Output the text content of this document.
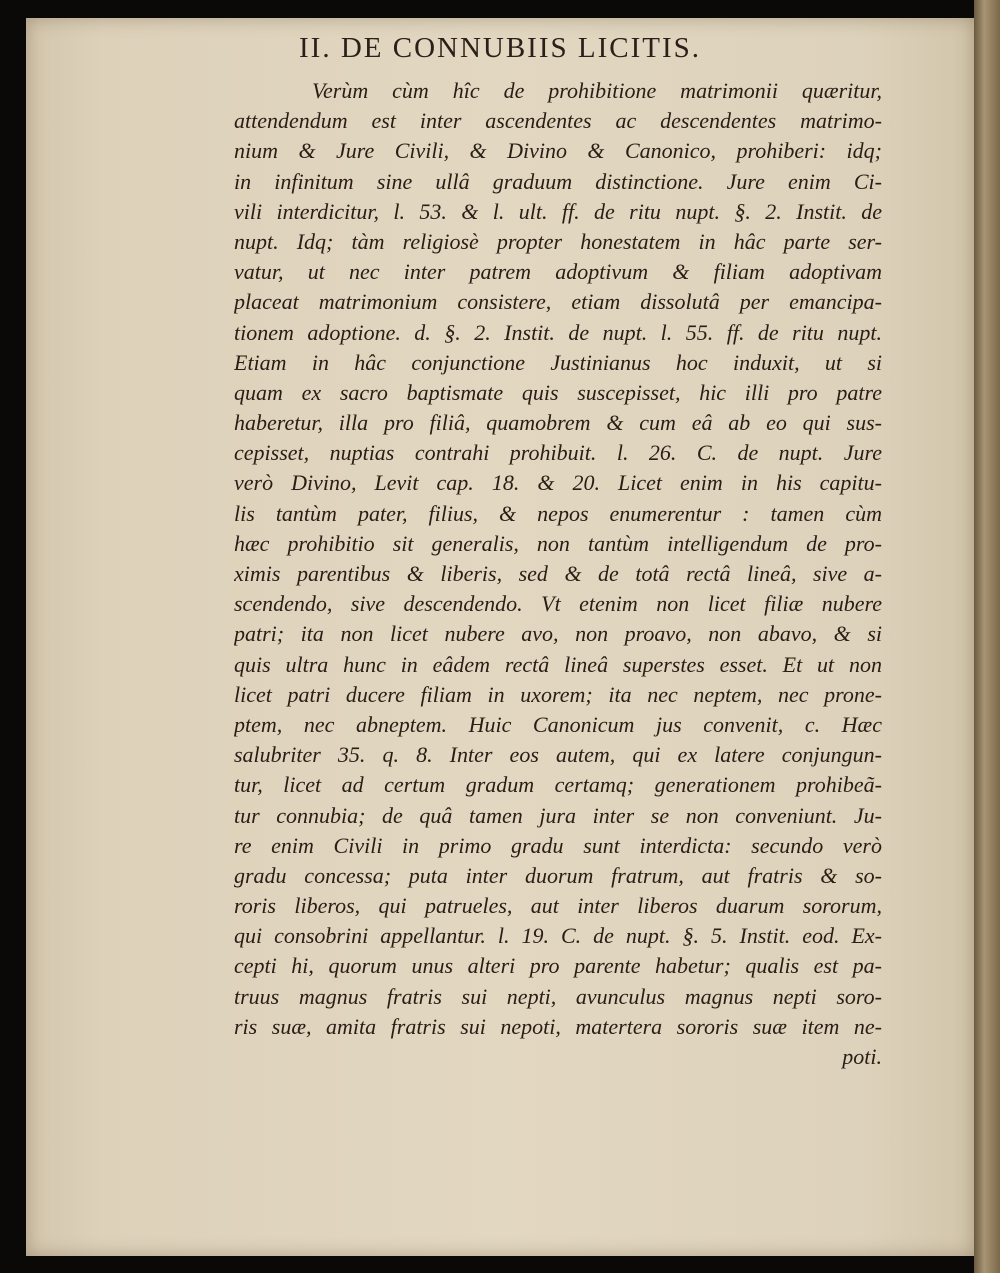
II. DE CONNUBIIS LICITIS.
Verùm cùm hîc de prohibitione matrimonii quæritur,
attendendum est inter ascendentes ac descendentes matrimo-
nium & Jure Civili, & Divino & Canonico, prohiberi: idq;
in infinitum sine ullâ graduum distinctione. Jure enim Ci-
vili interdicitur, l. 53. & l. ult. ff. de ritu nupt. §. 2. Instit. de
nupt. Idq; tàm religiosè propter honestatem in hâc parte ser-
vatur, ut nec inter patrem adoptivum & filiam adoptivam
placeat matrimonium consistere, etiam dissolutâ per emancipa-
tionem adoptione. d. §. 2. Instit. de nupt. l. 55. ff. de ritu nupt.
Etiam in hâc conjunctione Justinianus hoc induxit, ut si
quam ex sacro baptismate quis suscepisset, hic illi pro patre
haberetur, illa pro filiâ, quamobrem & cum eâ ab eo qui sus-
cepisset, nuptias contrahi prohibuit. l. 26. C. de nupt. Jure
verò Divino, Levit cap. 18. & 20. Licet enim in his capitu-
lis tantùm pater, filius, & nepos enumerentur : tamen cùm
hæc prohibitio sit generalis, non tantùm intelligendum de pro-
ximis parentibus & liberis, sed & de totâ rectâ lineâ, sive a-
scendendo, sive descendendo. Vt etenim non licet filiæ nubere
patri; ita non licet nubere avo, non proavo, non abavo, & si
quis ultra hunc in eâdem rectâ lineâ superstes esset. Et ut non
licet patri ducere filiam in uxorem; ita nec neptem, nec prone-
ptem, nec abneptem. Huic Canonicum jus convenit, c. Hæc
salubriter 35. q. 8. Inter eos autem, qui ex latere conjungun-
tur, licet ad certum gradum certamq; generationem prohibeã-
tur connubia; de quâ tamen jura inter se non conveniunt. Ju-
re enim Civili in primo gradu sunt interdicta: secundo verò
gradu concessa; puta inter duorum fratrum, aut fratris & so-
roris liberos, qui patrueles, aut inter liberos duarum sororum,
qui consobrini appellantur. l. 19. C. de nupt. §. 5. Instit. eod. Ex-
cepti hi, quorum unus alteri pro parente habetur; qualis est pa-
truus magnus fratris sui nepti, avunculus magnus nepti soro-
ris suæ, amita fratris sui nepoti, matertera sororis suæ item ne-
poti.
